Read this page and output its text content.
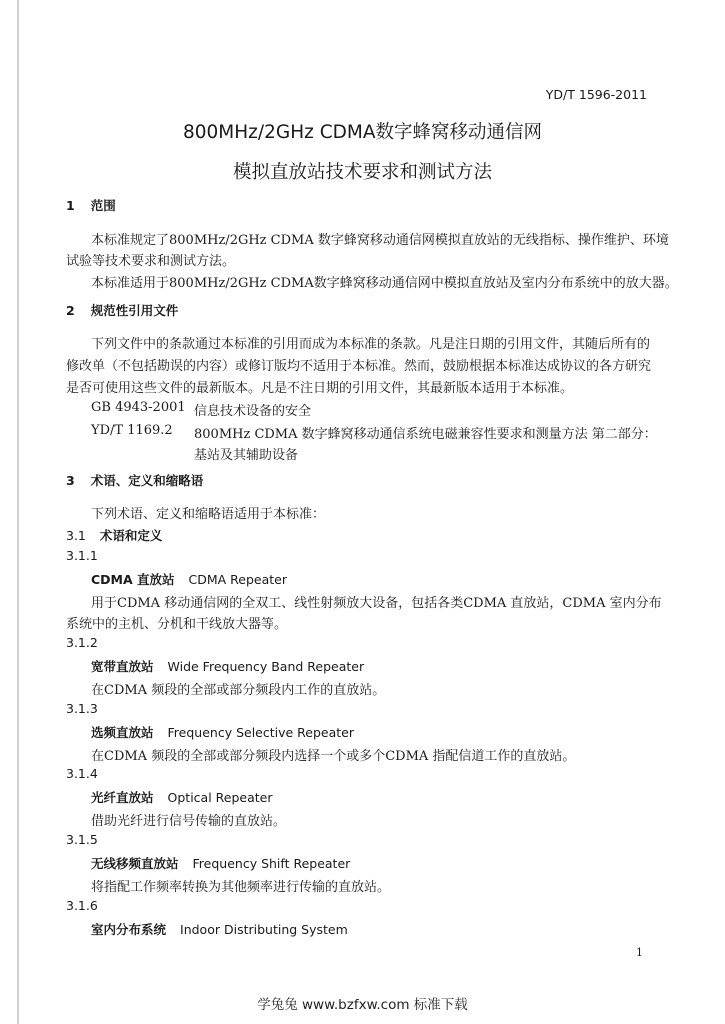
YD/T 1596-2011
800MHz/2GHz CDMA数字蜂窝移动通信网
模拟直放站技术要求和测试方法
1 范围
本标准规定了800MHz/2GHz CDMA 数字蜂窝移动通信网模拟直放站的无线指标、操作维护、环境
试验等技术要求和测试方法。
本标准适用于800MHz/2GHz CDMA数字蜂窝移动通信网中模拟直放站及室内分布系统中的放大器。
2 规范性引用文件
下列文件中的条款通过本标准的引用而成为本标准的条款。凡是注日期的引用文件，其随后所有的
修改单（不包括勘误的内容）或修订版均不适用于本标准。然而，鼓励根据本标准达成协议的各方研究
是否可使用这些文件的最新版本。凡是不注日期的引用文件，其最新版本适用于本标准。
GB 4943-2001 信息技术设备的安全
YD/T 1169.2 800MHz CDMA 数字蜂窝移动通信系统电磁兼容性要求和测量方法 第二部分：
基站及其辅助设备
3 术语、定义和缩略语
下列术语、定义和缩略语适用于本标准：
3.1 术语和定义
3.1.1
CDMA 直放站 CDMA Repeater
用于CDMA 移动通信网的全双工、线性射频放大设备，包括各类CDMA 直放站，CDMA 室内分布
系统中的主机、分机和干线放大器等。
3.1.2
宽带直放站 Wide Frequency Band Repeater
在CDMA 频段的全部或部分频段内工作的直放站。
3.1.3
选频直放站 Frequency Selective Repeater
在CDMA 频段的全部或部分频段内选择一个或多个CDMA 指配信道工作的直放站。
3.1.4
光纤直放站 Optical Repeater
借助光纤进行信号传输的直放站。
3.1.5
无线移频直放站 Frequency Shift Repeater
将指配工作频率转换为其他频率进行传输的直放站。
3.1.6
室内分布系统 Indoor Distributing System
1
学兔兔 www.bzfxw.com 标准下载
